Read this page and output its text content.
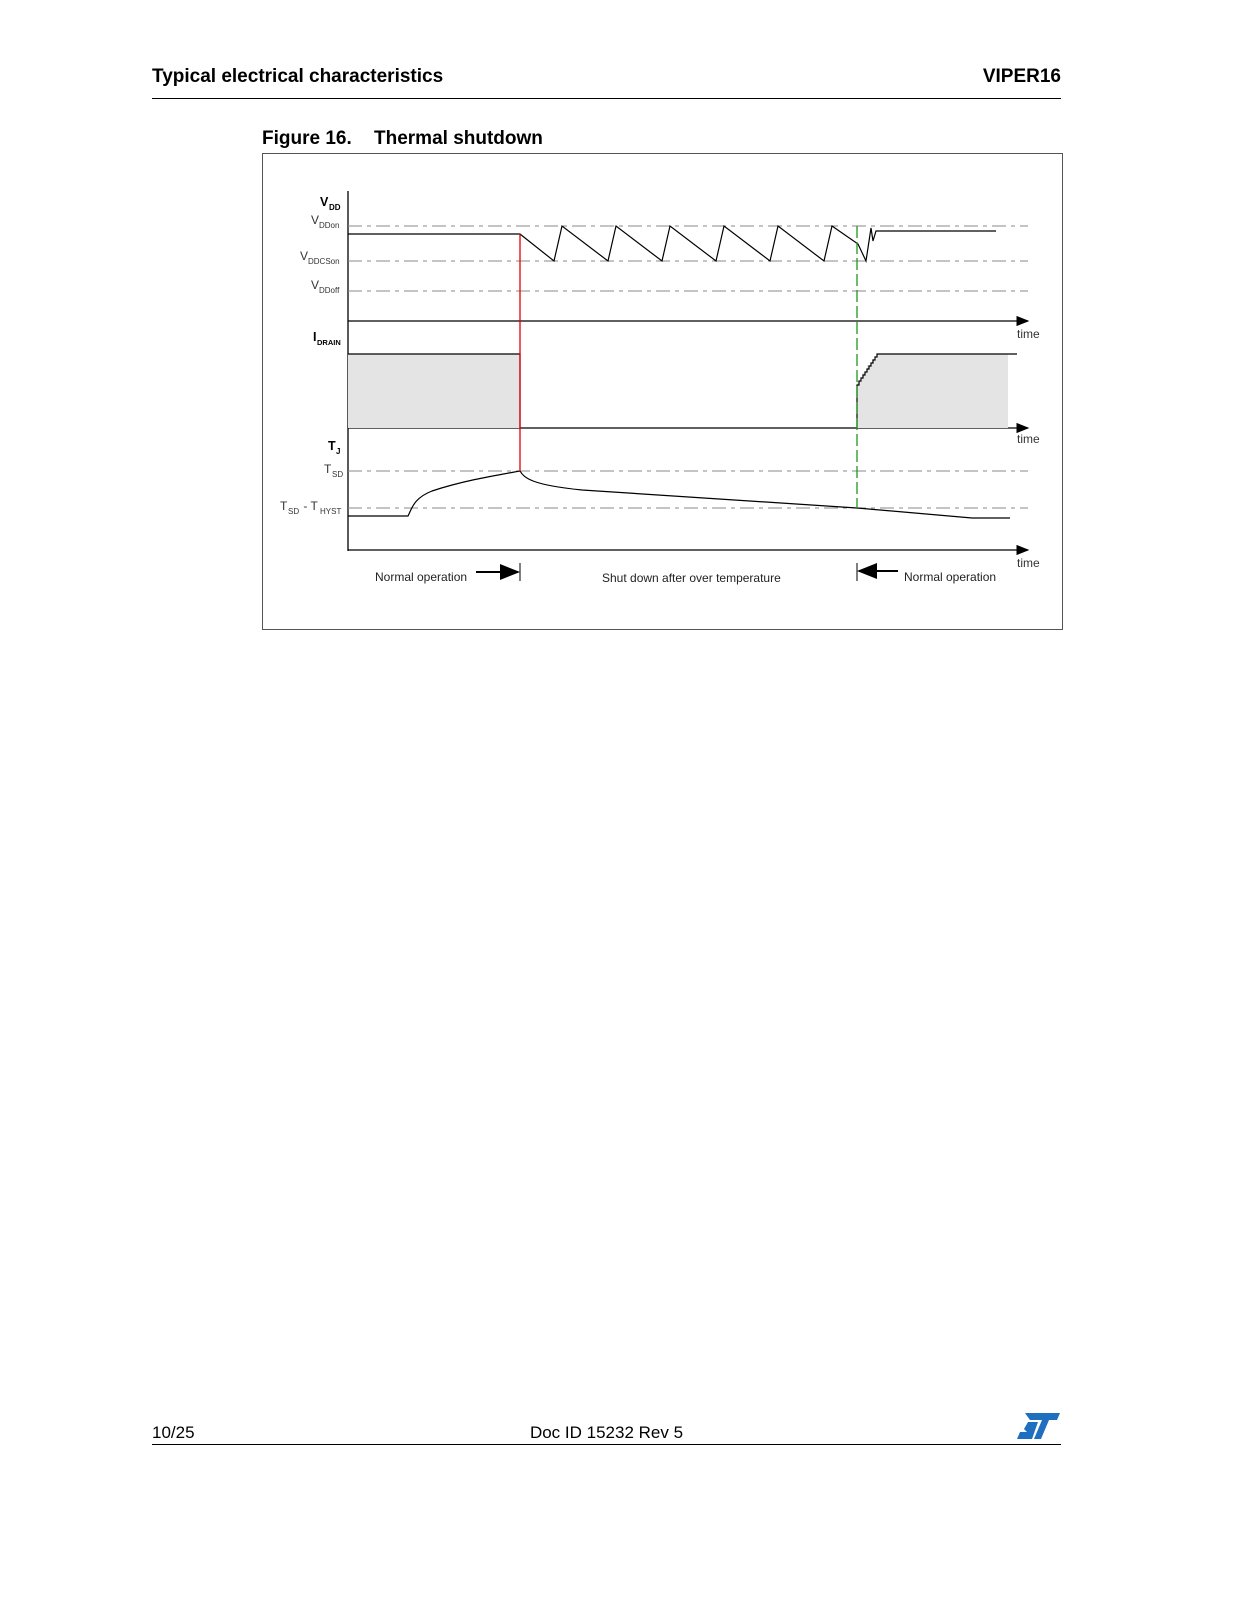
Typical electrical characteristics	VIPER16
Figure 16. Thermal shutdown
V DD
V DDon
V DDCSon
V DDoff
I DRAIN
T J
T SD
T SD - T HYST
time
time
time
Normal operation	Shut down after over temperature	Normal operation
10/25	Doc ID 15232 Rev 5
